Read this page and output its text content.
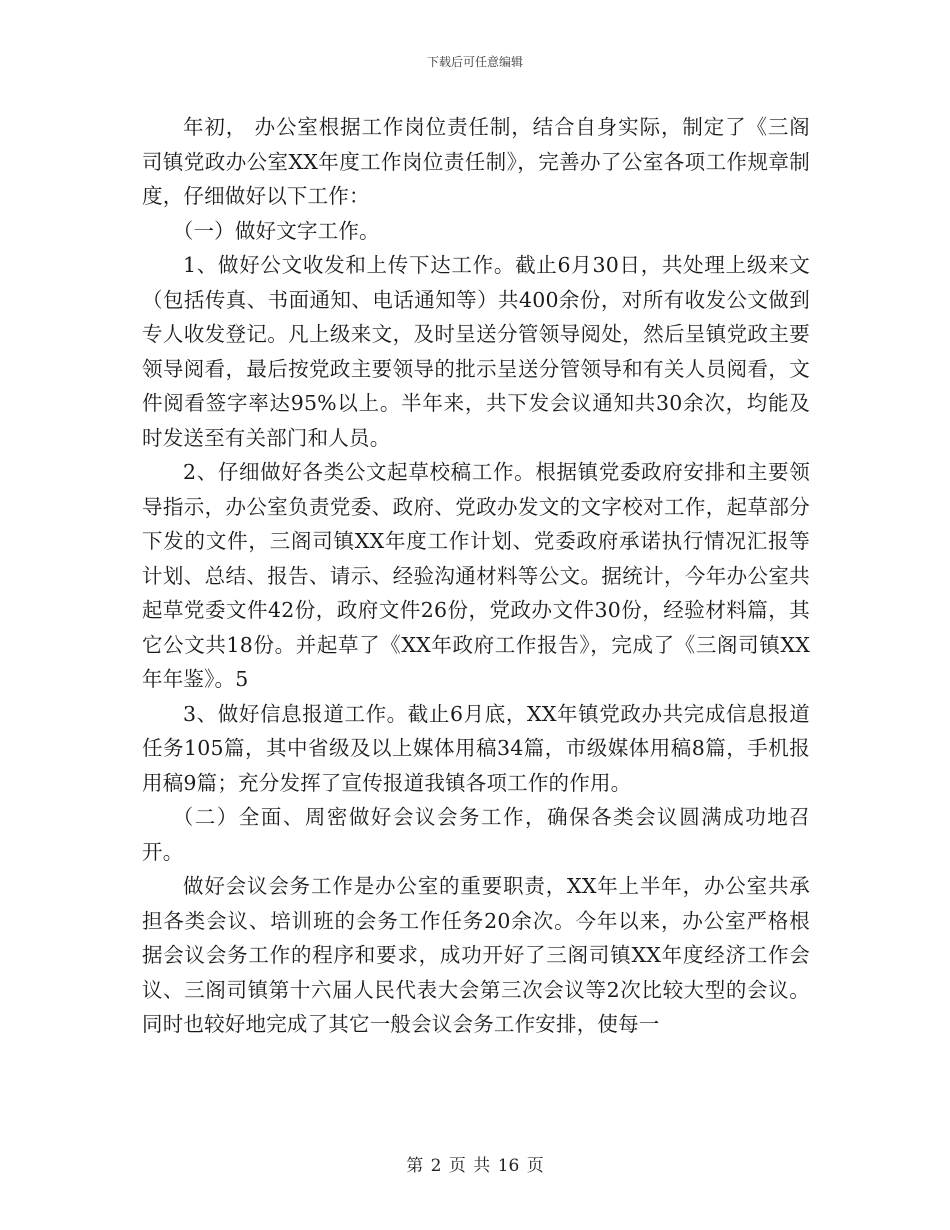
下载后可任意编辑

年初， 办公室根据工作岗位责任制，结合自身实际，制定了《三阁司镇党政办公室XX年度工作岗位责任制》，完善办了公室各项工作规章制度，仔细做好以下工作：

（一）做好文字工作。

1、做好公文收发和上传下达工作。截止6月30日，共处理上级来文（包括传真、书面通知、电话通知等）共400余份，对所有收发公文做到专人收发登记。凡上级来文，及时呈送分管领导阅处，然后呈镇党政主要领导阅看，最后按党政主要领导的批示呈送分管领导和有关人员阅看，文件阅看签字率达95%以上。半年来，共下发会议通知共30余次，均能及时发送至有关部门和人员。

2、仔细做好各类公文起草校稿工作。根据镇党委政府安排和主要领导指示，办公室负责党委、政府、党政办发文的文字校对工作，起草部分下发的文件，三阁司镇XX年度工作计划、党委政府承诺执行情况汇报等计划、总结、报告、请示、经验沟通材料等公文。据统计，今年办公室共起草党委文件42份，政府文件26份，党政办文件30份，经验材料篇，其它公文共18份。并起草了《XX年政府工作报告》，完成了《三阁司镇XX年年鉴》。5

3、做好信息报道工作。截止6月底，XX年镇党政办共完成信息报道任务105篇，其中省级及以上媒体用稿34篇，市级媒体用稿8篇，手机报用稿9篇；充分发挥了宣传报道我镇各项工作的作用。

（二）全面、周密做好会议会务工作，确保各类会议圆满成功地召开。

做好会议会务工作是办公室的重要职责，XX年上半年，办公室共承担各类会议、培训班的会务工作任务20余次。今年以来，办公室严格根据会议会务工作的程序和要求，成功开好了三阁司镇XX年度经济工作会议、三阁司镇第十六届人民代表大会第三次会议等2次比较大型的会议。同时也较好地完成了其它一般会议会务工作安排，使每一

第 2 页 共 16 页
